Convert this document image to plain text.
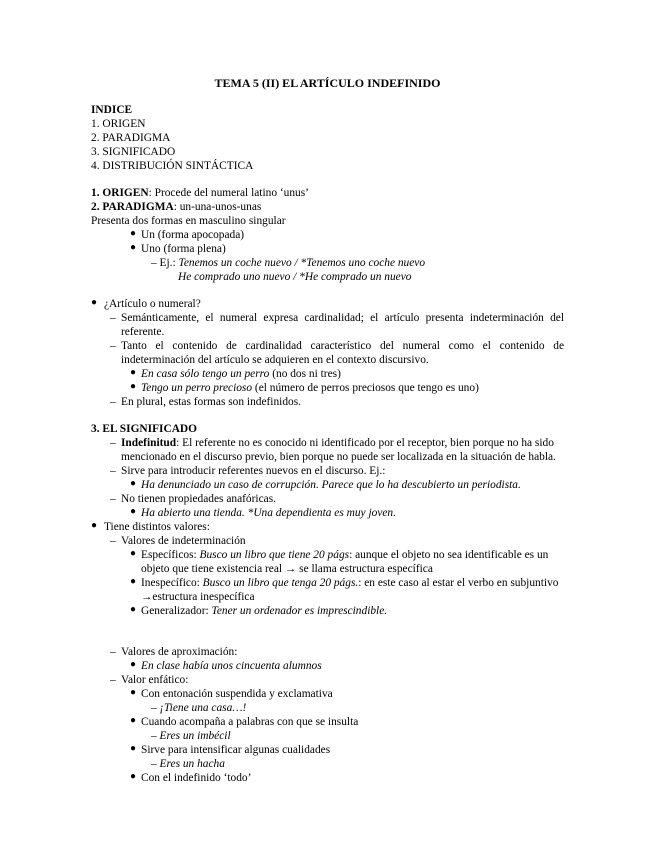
TEMA 5 (II) EL ARTÍCULO INDEFINIDO
INDICE
1. ORIGEN
2. PARADIGMA
3. SIGNIFICADO
4. DISTRIBUCIÓN SINTÁCTICA
1. ORIGEN: Procede del numeral latino ‘unus’
2. PARADIGMA: un-una-unos-unas
Presenta dos formas en masculino singular
● Un (forma apocopada)
● Uno (forma plena)
– Ej.: Tenemos un coche nuevo / *Tenemos uno coche nuevo
He comprado uno nuevo / *He comprado un nuevo
● ¿Artículo o numeral?
– Semánticamente, el numeral expresa cardinalidad; el artículo presenta indeterminación del
referente.
– Tanto el contenido de cardinalidad característico del numeral como el contenido de
indeterminación del artículo se adquieren en el contexto discursivo.
● En casa sólo tengo un perro (no dos ni tres)
● Tengo un perro precioso (el número de perros preciosos que tengo es uno)
– En plural, estas formas son indefinidos.
3. EL SIGNIFICADO
– Indefinitud: El referente no es conocido ni identificado por el receptor, bien porque no ha sido
mencionado en el discurso previo, bien porque no puede ser localizada en la situación de habla.
– Sirve para introducir referentes nuevos en el discurso. Ej.:
● Ha denunciado un caso de corrupción. Parece que lo ha descubierto un periodista.
– No tienen propiedades anafóricas.
● Ha abierto una tienda. *Una dependienta es muy joven.
● Tiene distintos valores:
– Valores de indeterminación
● Específicos: Busco un libro que tiene 20 págs: aunque el objeto no sea identificable es un
objeto que tiene existencia real → se llama estructura específica
● Inespecífico: Busco un libro que tenga 20 págs.: en este caso al estar el verbo en subjuntivo
→estructura inespecífica
● Generalizador: Tener un ordenador es imprescindible.
– Valores de aproximación:
● En clase había unos cincuenta alumnos
– Valor enfático:
● Con entonación suspendida y exclamativa
– ¡Tiene una casa…!
● Cuando acompaña a palabras con que se insulta
– Eres un imbécil
● Sirve para intensificar algunas cualidades
– Eres un hacha
● Con el indefinido ‘todo’
